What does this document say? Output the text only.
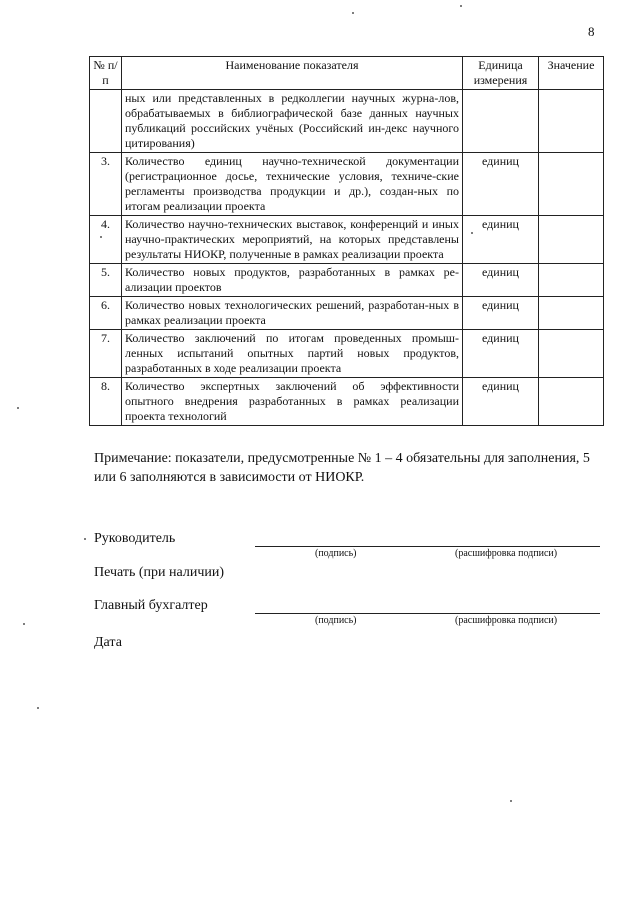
8
№ п/п	Наименование показателя	Единица измерения	Значение
	ных или представленных в редколлегии научных журна-лов, обрабатываемых в библиографической базе данных научных публикаций российских учёных (Российский ин-декс научного цитирования)		
3.	Количество единиц научно-технической документации (регистрационное досье, технические условия, техниче-ские регламенты производства продукции и др.), создан-ных по итогам реализации проекта	единиц	
4.	Количество научно-технических выставок, конференций и иных научно-практических мероприятий, на которых представлены результаты НИОКР, полученные в рамках реализации проекта	единиц	
5.	Количество новых продуктов, разработанных в рамках ре-ализации проектов	единиц	
6.	Количество новых технологических решений, разработан-ных в рамках реализации проекта	единиц	
7.	Количество заключений по итогам проведенных промыш-ленных испытаний опытных партий новых продуктов, разработанных в ходе реализации проекта	единиц	
8.	Количество экспертных заключений об эффективности опытного внедрения разработанных в рамках реализации проекта технологий	единиц	
Примечание: показатели, предусмотренные № 1 – 4 обязательны для заполнения, 5 или 6 заполняются в зависимости от НИОКР.
Руководитель
(подпись)	(расшифровка подписи)
Печать (при наличии)
Главный бухгалтер
(подпись)	(расшифровка подписи)
Дата
